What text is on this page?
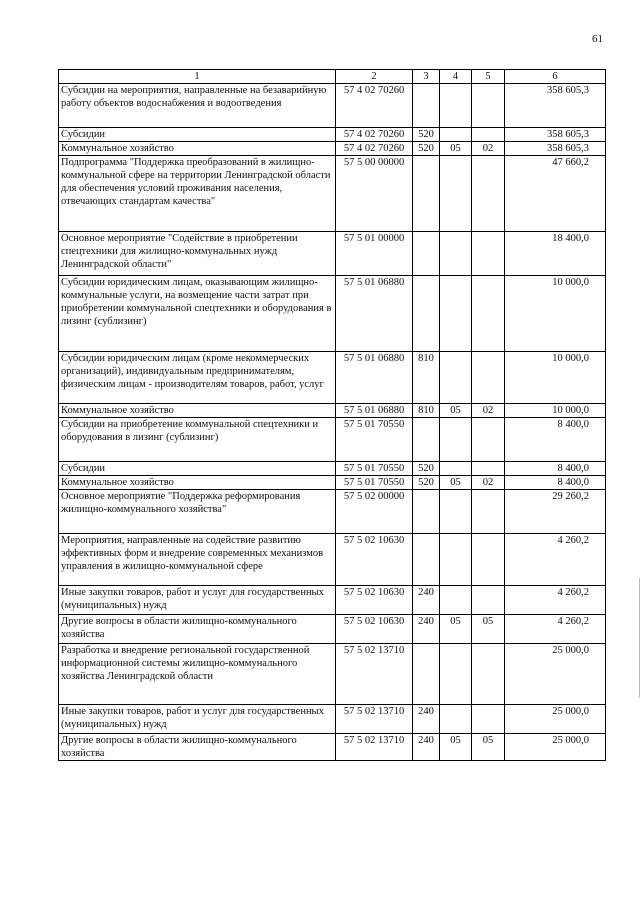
61
1	2	3	4	5	6
Субсидии на мероприятия, направленные на безаварийную работу объектов водоснабжения и водоотведения	57 4 02 70260				358 605,3
Субсидии	57 4 02 70260	520			358 605,3
Коммунальное хозяйство	57 4 02 70260	520	05	02	358 605,3
Подпрограмма "Поддержка преобразований в жилищно-коммунальной сфере на территории Ленинградской области для обеспечения условий проживания населения, отвечающих стандартам качества"	57 5 00 00000				47 660,2
Основное мероприятие "Содействие в приобретении спецтехники для жилищно-коммунальных нужд Ленинградской области"	57 5 01 00000				18 400,0
Субсидии юридическим лицам, оказывающим жилищно-коммунальные услуги, на возмещение части затрат при приобретении коммунальной спецтехники и оборудования в лизинг (сублизинг)	57 5 01 06880				10 000,0
Субсидии юридическим лицам (кроме некоммерческих организаций), индивидуальным предпринимателям, физическим лицам - производителям товаров, работ, услуг	57 5 01 06880	810			10 000,0
Коммунальное хозяйство	57 5 01 06880	810	05	02	10 000,0
Субсидии на приобретение коммунальной спецтехники и оборудования в лизинг (сублизинг)	57 5 01 70550				8 400,0
Субсидии	57 5 01 70550	520			8 400,0
Коммунальное хозяйство	57 5 01 70550	520	05	02	8 400,0
Основное мероприятие "Поддержка реформирования жилищно-коммунального хозяйства"	57 5 02 00000				29 260,2
Мероприятия, направленные на содействие развитию эффективных форм и внедрение современных механизмов управления в жилищно-коммунальной сфере	57 5 02 10630				4 260,2
Иные закупки товаров, работ и услуг для государственных (муниципальных) нужд	57 5 02 10630	240			4 260,2
Другие вопросы в области жилищно-коммунального хозяйства	57 5 02 10630	240	05	05	4 260,2
Разработка и внедрение региональной государственной информационной системы жилищно-коммунального хозяйства Ленинградской области	57 5 02 13710				25 000,0
Иные закупки товаров, работ и услуг для государственных (муниципальных) нужд	57 5 02 13710	240			25 000,0
Другие вопросы в области жилищно-коммунального хозяйства	57 5 02 13710	240	05	05	25 000,0
